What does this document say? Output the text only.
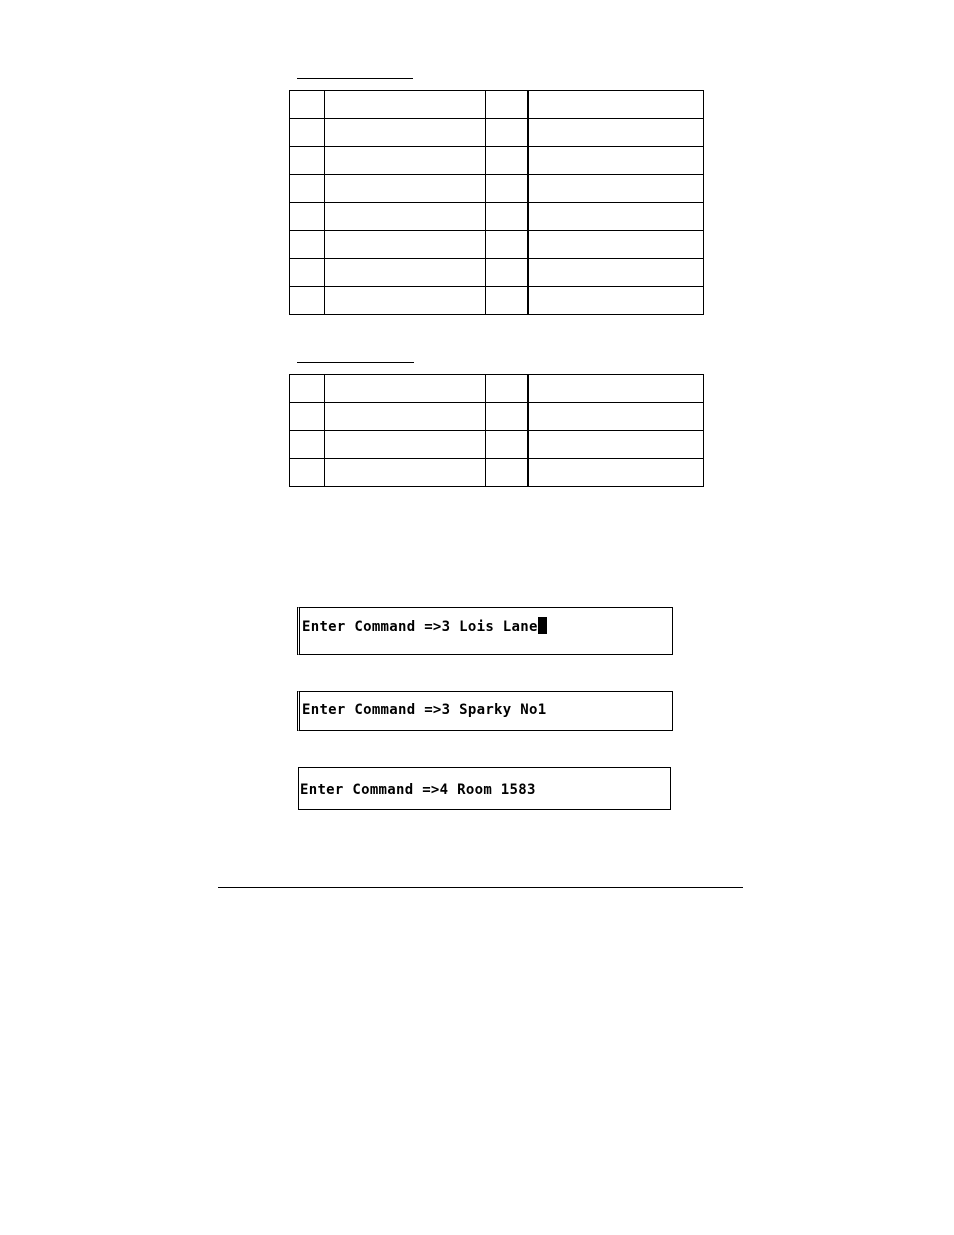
Enter Command =>3 Lois Lane
Enter Command =>3 Sparky No1
Enter Command =>4 Room 1583
